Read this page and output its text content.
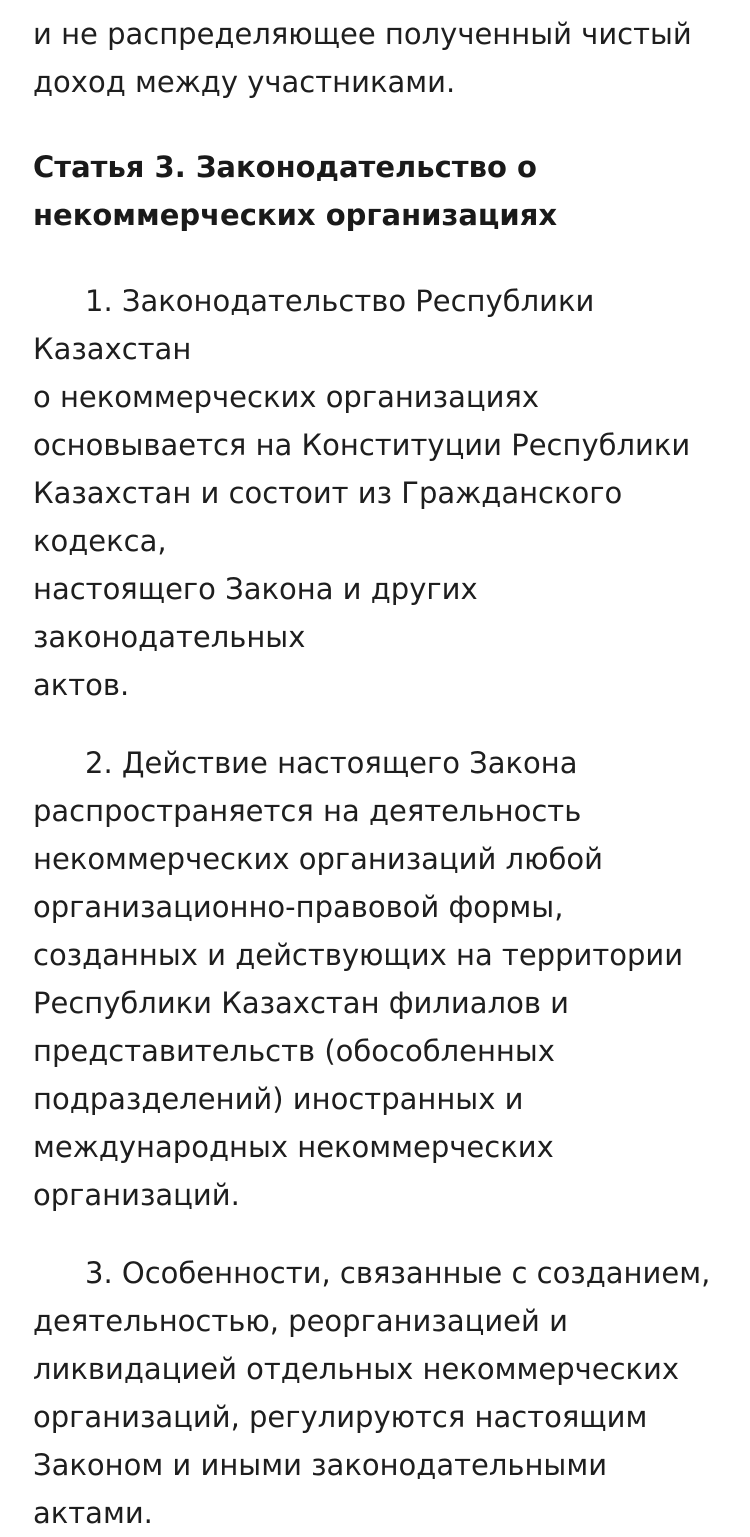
и не распределяющее полученный чистый
доход между участниками.

Статья 3. Законодательство о
некоммерческих организациях

1. Законодательство Республики Казахстан
о некоммерческих организациях
основывается на Конституции Республики
Казахстан и состоит из Гражданского кодекса,
настоящего Закона и других законодательных
актов.

2. Действие настоящего Закона
распространяется на деятельность
некоммерческих организаций любой
организационно-правовой формы,
созданных и действующих на территории
Республики Казахстан филиалов и
представительств (обособленных
подразделений) иностранных и
международных некоммерческих
организаций.

3. Особенности, связанные с созданием,
деятельностью, реорганизацией и
ликвидацией отдельных некоммерческих
организаций, регулируются настоящим
Законом и иными законодательными актами.
